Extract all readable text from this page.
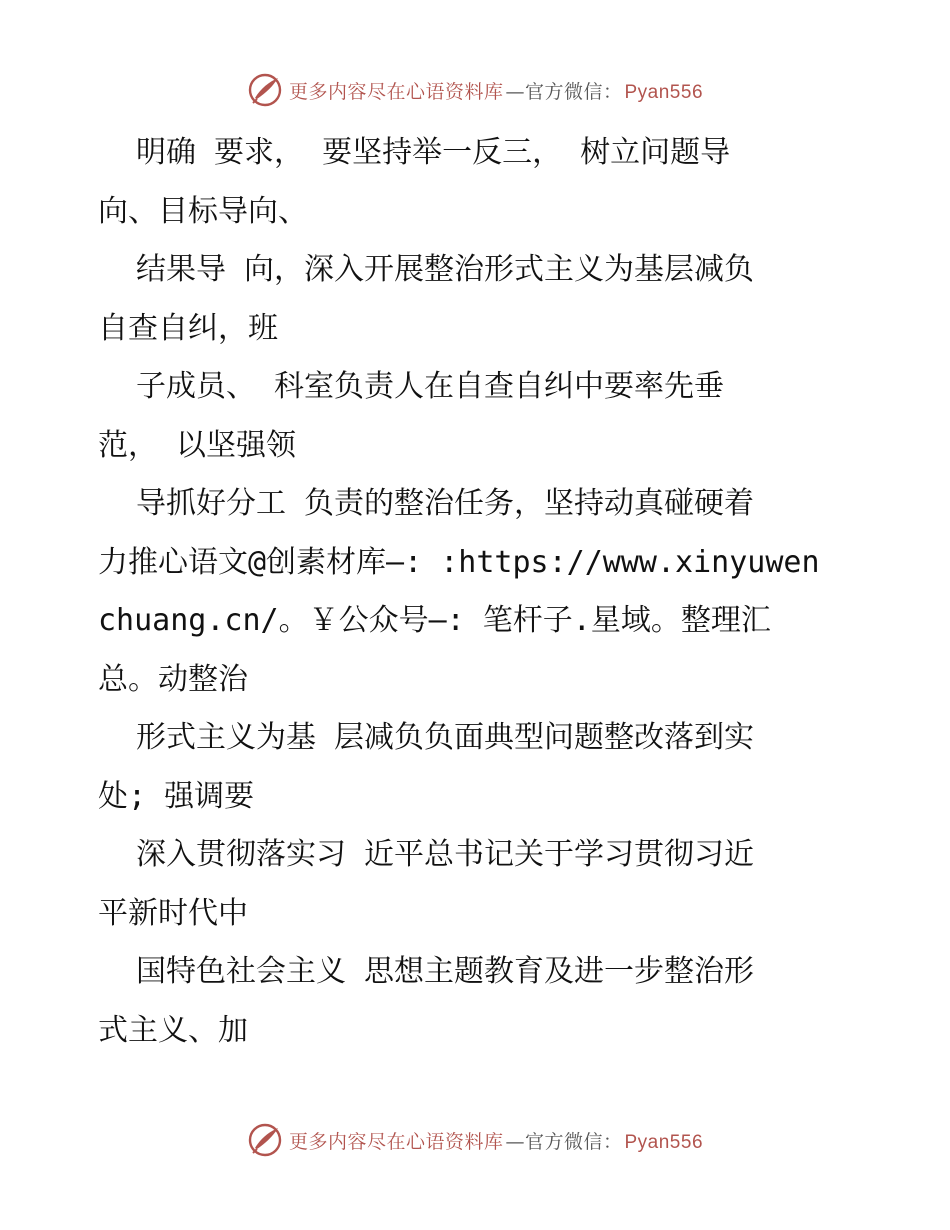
更多内容尽在心语资料库 —官方微信： Pyan556

明确 要求， 要坚持举一反三， 树立问题导

向、目标导向、

结果导 向，深入开展整治形式主义为基层减负

自查自纠，班

子成员、 科室负责人在自查自纠中要率先垂

范， 以坚强领

导抓好分工 负责的整治任务，坚持动真碰硬着

力推心语文@创素材库—: :https://www.xinyuwen

chuang.cn/。￥公众号—: 笔杆子.星域。整理汇

总。动整治

形式主义为基 层减负负面典型问题整改落到实

处; 强调要

深入贯彻落实习 近平总书记关于学习贯彻习近

平新时代中

国特色社会主义 思想主题教育及进一步整治形

式主义、加

更多内容尽在心语资料库 —官方微信： Pyan556
